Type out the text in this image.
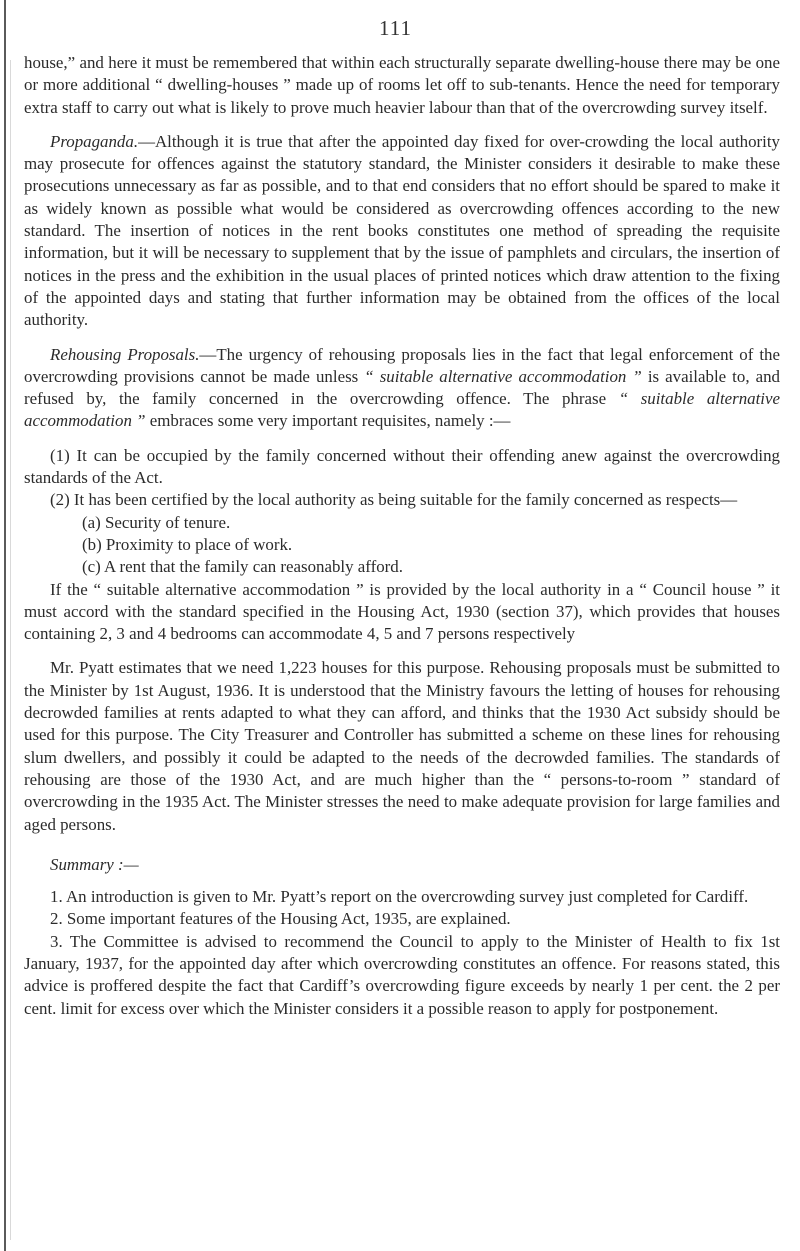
111

house,” and here it must be remembered that within each structurally separate dwelling-house there may be one or more additional “ dwelling-houses ” made up of rooms let off to sub-tenants. Hence the need for temporary extra staff to carry out what is likely to prove much heavier labour than that of the overcrowding survey itself.

Propaganda.—Although it is true that after the appointed day fixed for over-crowding the local authority may prosecute for offences against the statutory standard, the Minister considers it desirable to make these prosecutions unnecessary as far as possible, and to that end considers that no effort should be spared to make it as widely known as possible what would be considered as overcrowding offences according to the new standard. The insertion of notices in the rent books constitutes one method of spreading the requisite information, but it will be necessary to supplement that by the issue of pamphlets and circulars, the insertion of notices in the press and the exhibition in the usual places of printed notices which draw attention to the fixing of the appointed days and stating that further information may be obtained from the offices of the local authority.

Rehousing Proposals.—The urgency of rehousing proposals lies in the fact that legal enforcement of the overcrowding provisions cannot be made unless “ suitable alternative accommodation ” is available to, and refused by, the family concerned in the overcrowding offence. The phrase “ suitable alternative accommodation ” embraces some very important requisites, namely :—

(1) It can be occupied by the family concerned without their offending anew against the overcrowding standards of the Act.

(2) It has been certified by the local authority as being suitable for the family concerned as respects—

(a) Security of tenure.

(b) Proximity to place of work.

(c) A rent that the family can reasonably afford.

If the “ suitable alternative accommodation ” is provided by the local authority in a “ Council house ” it must accord with the standard specified in the Housing Act, 1930 (section 37), which provides that houses containing 2, 3 and 4 bedrooms can accommodate 4, 5 and 7 persons respectively

Mr. Pyatt estimates that we need 1,223 houses for this purpose. Rehousing proposals must be submitted to the Minister by 1st August, 1936. It is understood that the Ministry favours the letting of houses for rehousing decrowded families at rents adapted to what they can afford, and thinks that the 1930 Act subsidy should be used for this purpose. The City Treasurer and Controller has submitted a scheme on these lines for rehousing slum dwellers, and possibly it could be adapted to the needs of the decrowded families. The standards of rehousing are those of the 1930 Act, and are much higher than the “ persons-to-room ” standard of overcrowding in the 1935 Act. The Minister stresses the need to make adequate provision for large families and aged persons.

Summary :—

1. An introduction is given to Mr. Pyatt’s report on the overcrowding survey just completed for Cardiff.

2. Some important features of the Housing Act, 1935, are explained.

3. The Committee is advised to recommend the Council to apply to the Minister of Health to fix 1st January, 1937, for the appointed day after which overcrowding constitutes an offence. For reasons stated, this advice is proffered despite the fact that Cardiff’s overcrowding figure exceeds by nearly 1 per cent. the 2 per cent. limit for excess over which the Minister considers it a possible reason to apply for postponement.
